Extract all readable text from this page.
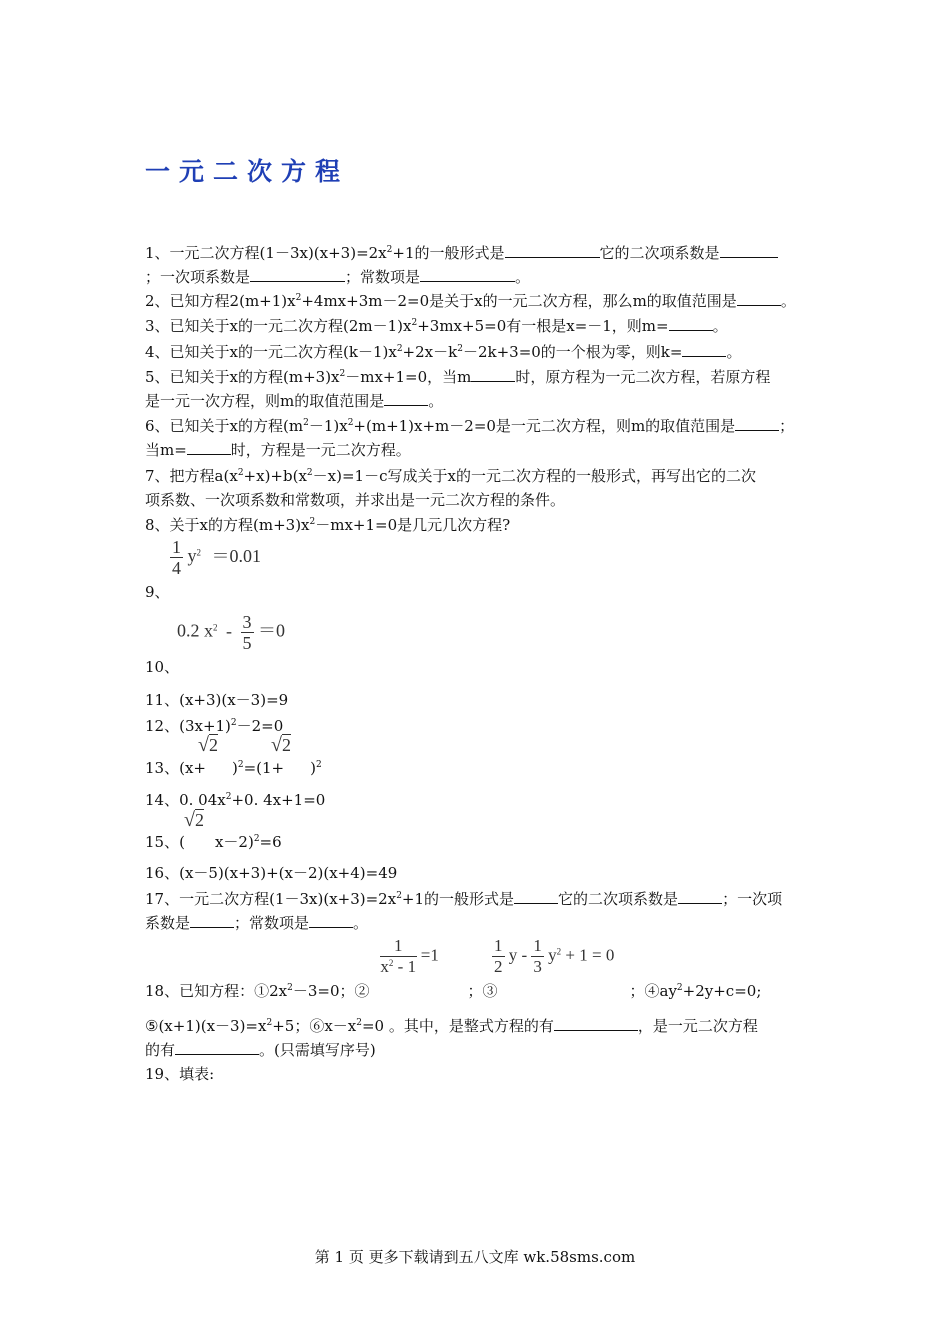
一元二次方程
1、一元二次方程$(1-3x)(x+3)=2x^2+1$的一般形式是	它的二次项系数是
；一次项系数是	；常数项是	。
2、已知方程$2(m+1)x^2+4mx+3m-2=0$是关于x的一元二次方程，那么m的取值范围是	。
3、已知关于x的一元二次方程$(2m-1)x^2+3mx+5=0$有一根是x=－1，则m=	。
4、已知关于x的一元二次方程$(k-1)x^2+2x-k^2-2k+3=0$的一个根为零，则k=	。
5、已知关于x的方程$(m+3)x^2-mx+1=0$，当m	时，原方程为一元二次方程，若原方程
是一元一次方程，则m的取值范围是	。
6、已知关于x的方程$(m^2-1)x^2+(m+1)x+m-2=0$是一元二次方程，则m的取值范围是	；
当m=	时，方程是一元二次方程。
7、把方程$a(x^2+x)+b(x^2-x)=1-c$写成关于x的一元二次方程的一般形式，再写出它的二次
项系数、一次项系数和常数项，并求出是一元二次方程的条件。
8、关于x的方程$(m+3)x^2-mx+1=0$是几元几次方程?
$\frac{1}{4} y^2 =0.01$
9、
0.2 $x^2 - \frac{3}{5} =0$
10、
11、(x+3)(x－3)=9
12、$(3x+1)^2-2=0$
13、$(x+ )^2=(1+ )^2$
√2	√2
14、0. $04x^2+0$. 4x+1=0
15、( x－2)$^2$=6
√2
16、(x－5)(x+3)+(x－2)(x+4)=49
17、一元二次方程$(1-3x)(x+3)=2x^2+1$的一般形式是	它的二次项系数是	；一次项
系数是	；常数项是	。
$\frac{1}{x^2 - 1} =1$	$\frac{1}{2}$ $y - \frac{1}{3} y^2 + 1 = 0$
18、已知方程：$①2x^2-3=0$；②	；③	；$④ay^2+2y+c=0$;
$⑤(x+1)(x-3)=x^2+5$；$⑥x-x^2=0$ 。其中，是整式方程的有	，是一元二次方程
的有	。(只需填写序号)
19、填表:
第 1 页 更多下载请到五八文库 wk.58sms.com
